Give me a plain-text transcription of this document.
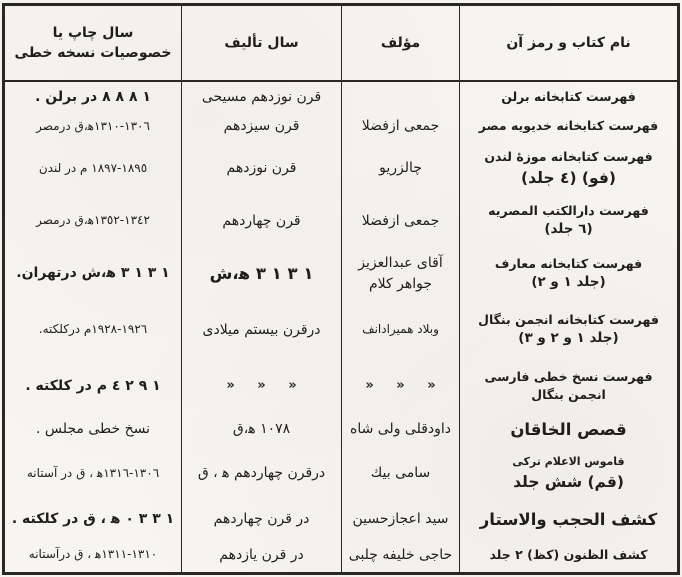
نام كتاب و رمز آن
مؤلف
سال تأليف
سال چاپ يا
خصوصيات نسخه خطى
فهرست كتابخانه برلن
قرن نوزدهم مسيحى
١ ٨ ٨ ٨ در برلن .
فهرست كتابخانه خديويه مصر
جمعى ازفضلا
قرن سيزدهم
١٣٠٦-١٣١٠ه‍،ق درمصر
فهرست كتابخانه موزۀ لندن
(فو) (٤ جلد)
چالزريو
قرن نوزدهم
١٨٩٥-١٨٩٧ م در لندن
فهرست دارالكتب المصريه
(٦ جلد)
جمعى ازفضلا
قرن چهاردهم
١٣٤٢-١٣٥٢ه‍،ق درمصر
فهرست كتابخانه معارف
(جلد ١ و ٢)
آقاى عبدالعزيز
جواهر كلام
١ ٣ ١ ٣ ه‍،ش
١ ٣ ١ ٣ ه‍،ش درتهران.
فهرست كتابخانه انجمن بنگال
(جلد ١ و ٢ و ٣)
وبلاد هميرادانف
درقرن بيستم ميلادى
١٩٢٦-١٩٢٨م دركلكته.
فهرست نسخ خطى فارسى
انجمن بنگال
« « «
« « «
١ ٩ ٢ ٤ م در كلكته .
قصص الخاقان
داودقلى ولى شاه
١٠٧٨ ه‍،ق
نسخ خطى مجلس .
قاموس الاعلام تركى
(قم) شش جلد
سامى بيك
درقرن چهاردهم ه‍ ، ق
١٣٠٦-١٣١٦ه‍ ، ق در آستانه
كشف الحجب والاستار
سيد اعجازحسين
در قرن چهاردهم
١ ٣ ٣ ٠ ه‍ ، ق در كلكته .
كشف الظنون (كظ) ٢ جلد
حاجى خليفه چلبى
در قرن يازدهم
١٣١٠-١٣١١ه‍ ، ق درآستانه
